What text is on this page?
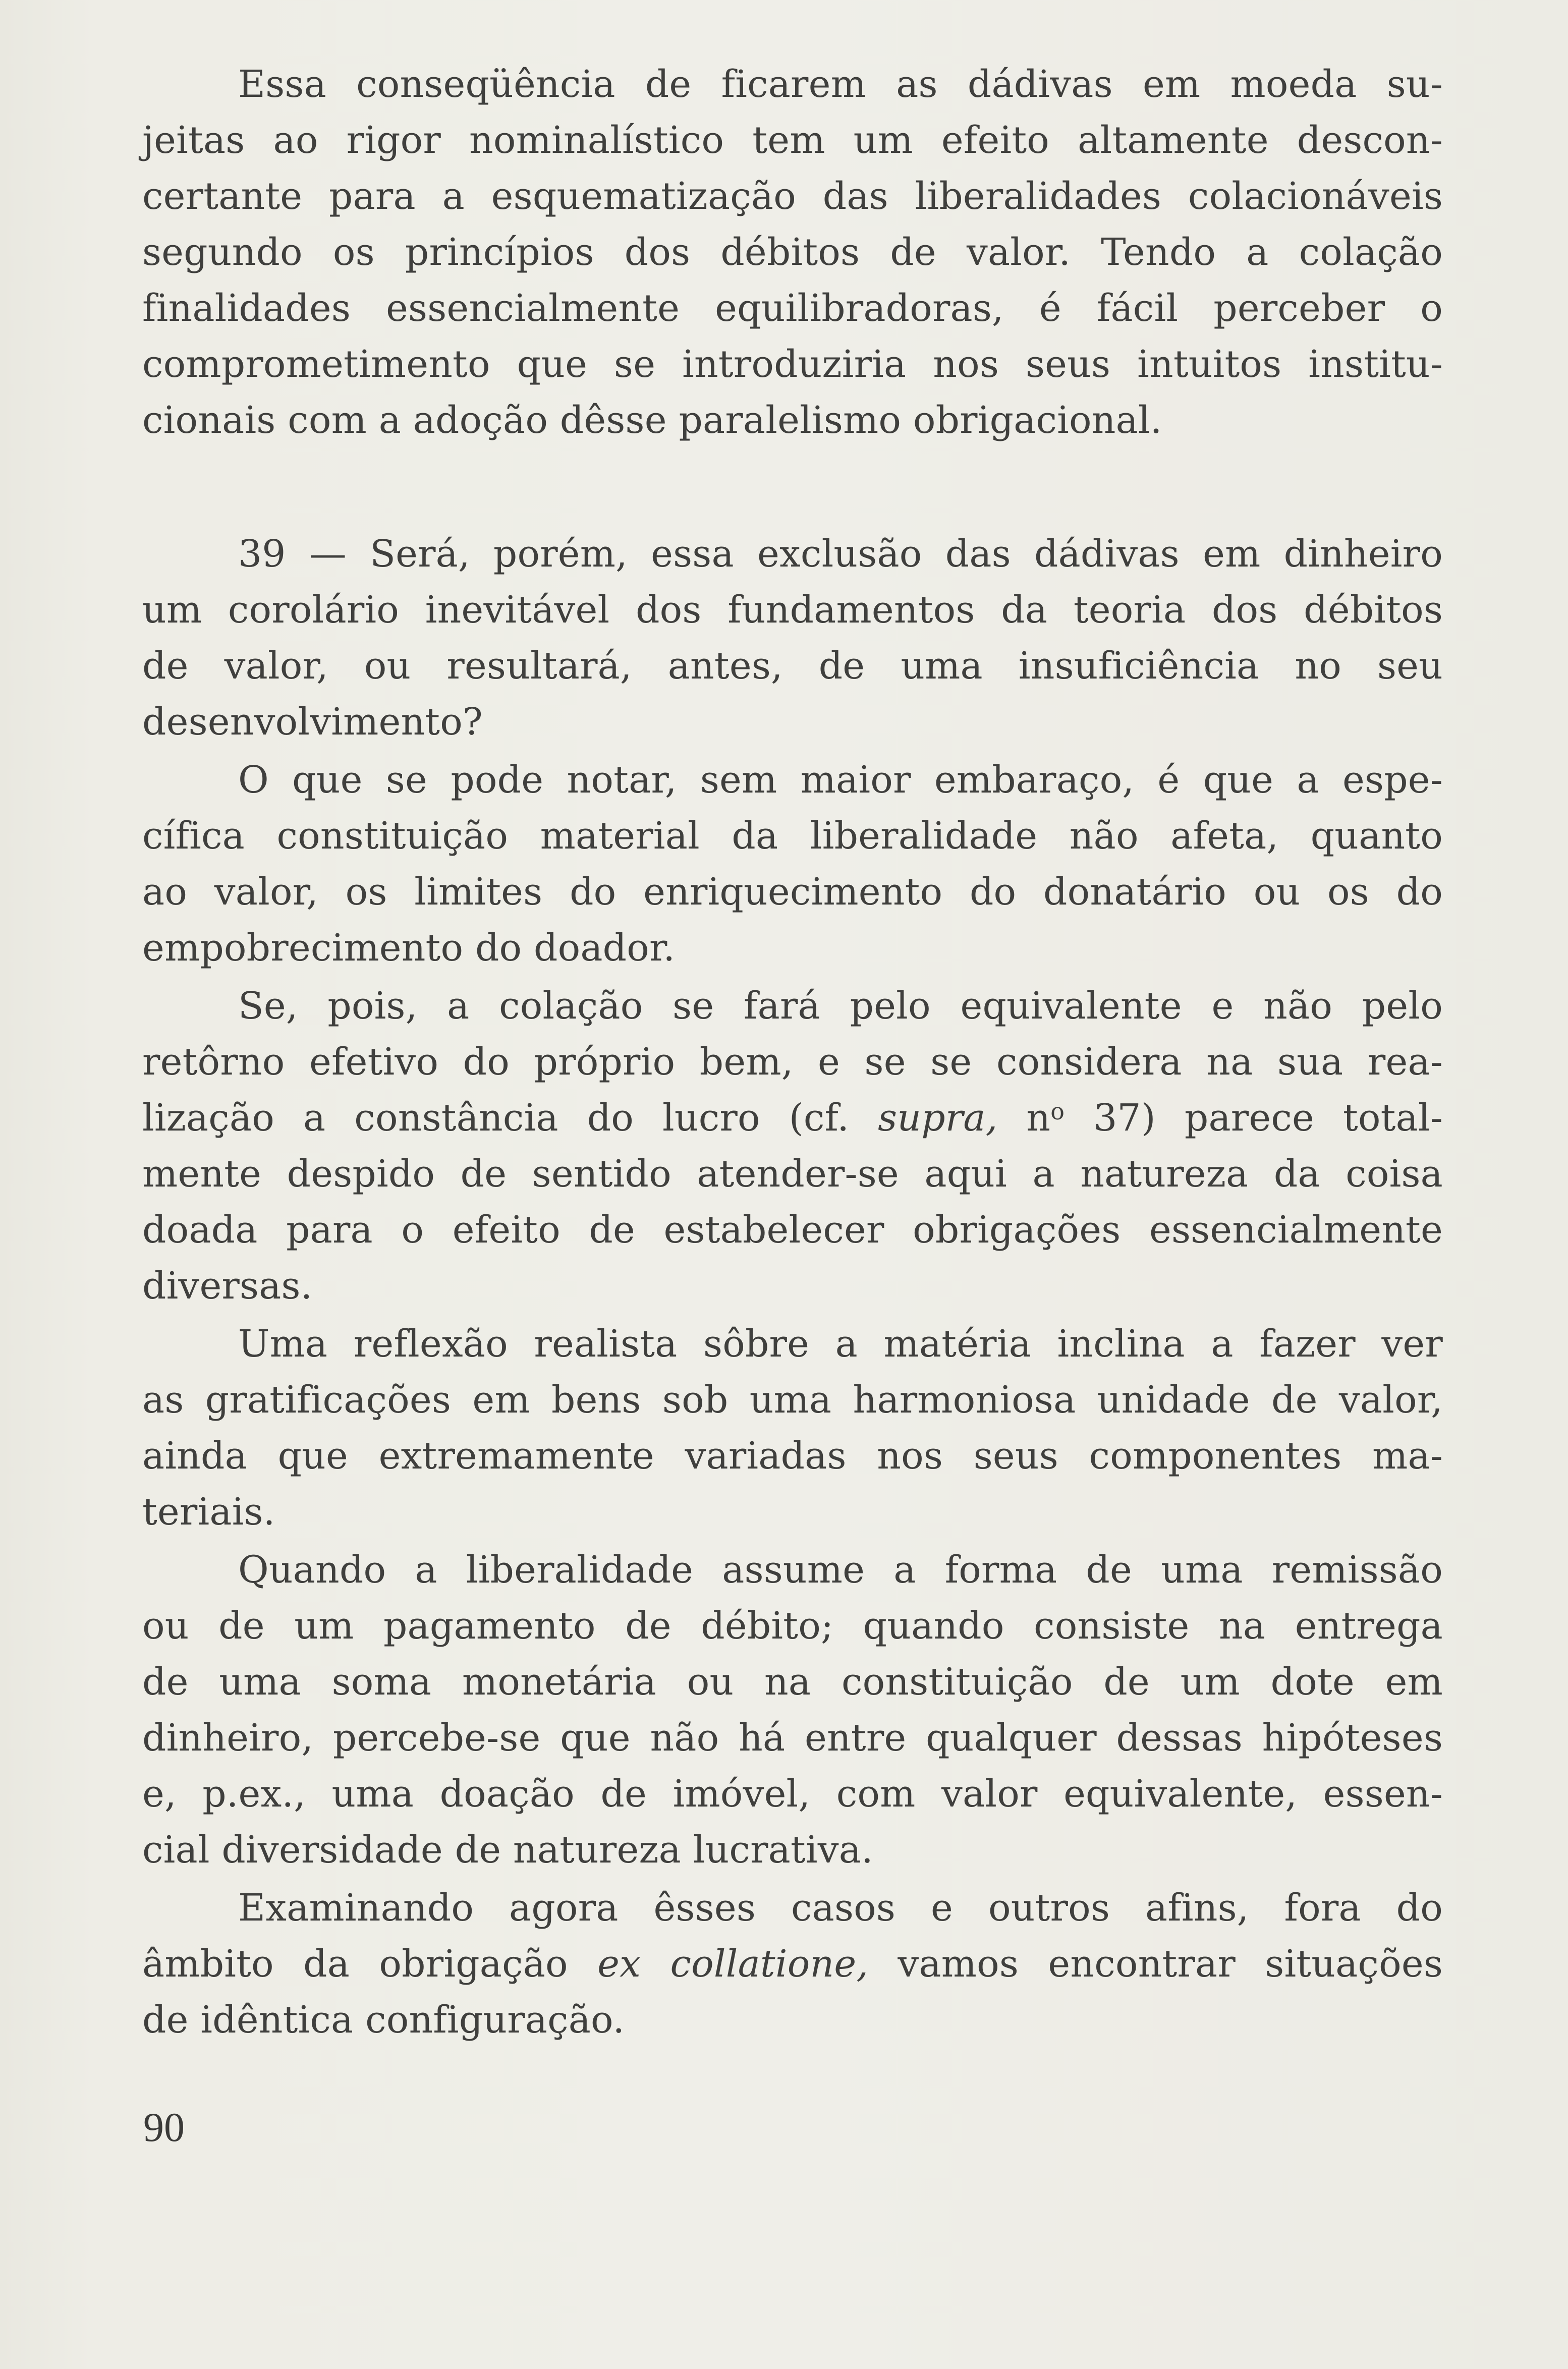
Essa conseqüência de ficarem as dádivas em moeda su-
jeitas ao rigor nominalístico tem um efeito altamente descon-
certante para a esquematização das liberalidades colacionáveis
segundo os princípios dos débitos de valor. Tendo a colação
finalidades essencialmente equilibradoras, é fácil perceber o
comprometimento que se introduziria nos seus intuitos institu-
cionais com a adoção dêsse paralelismo obrigacional.
39 — Será, porém, essa exclusão das dádivas em dinheiro
um corolário inevitável dos fundamentos da teoria dos débitos
de valor, ou resultará, antes, de uma insuficiência no seu
desenvolvimento?
O que se pode notar, sem maior embaraço, é que a espe-
cífica constituição material da liberalidade não afeta, quanto
ao valor, os limites do enriquecimento do donatário ou os do
empobrecimento do doador.
Se, pois, a colação se fará pelo equivalente e não pelo
retôrno efetivo do próprio bem, e se se considera na sua rea-
lização a constância do lucro (cf. supra, $n^o$ 37) parece total-
mente despido de sentido atender-se aqui a natureza da coisa
doada para o efeito de estabelecer obrigações essencialmente
diversas.
Uma reflexão realista sôbre a matéria inclina a fazer ver
as gratificações em bens sob uma harmoniosa unidade de valor,
ainda que extremamente variadas nos seus componentes ma-
teriais.
Quando a liberalidade assume a forma de uma remissão
ou de um pagamento de débito; quando consiste na entrega
de uma soma monetária ou na constituição de um dote em
dinheiro, percebe-se que não há entre qualquer dessas hipóteses
e, p.ex., uma doação de imóvel, com valor equivalente, essen-
cial diversidade de natureza lucrativa.
Examinando agora êsses casos e outros afins, fora do
âmbito da obrigação ex collatione, vamos encontrar situações
de idêntica configuração.
90
